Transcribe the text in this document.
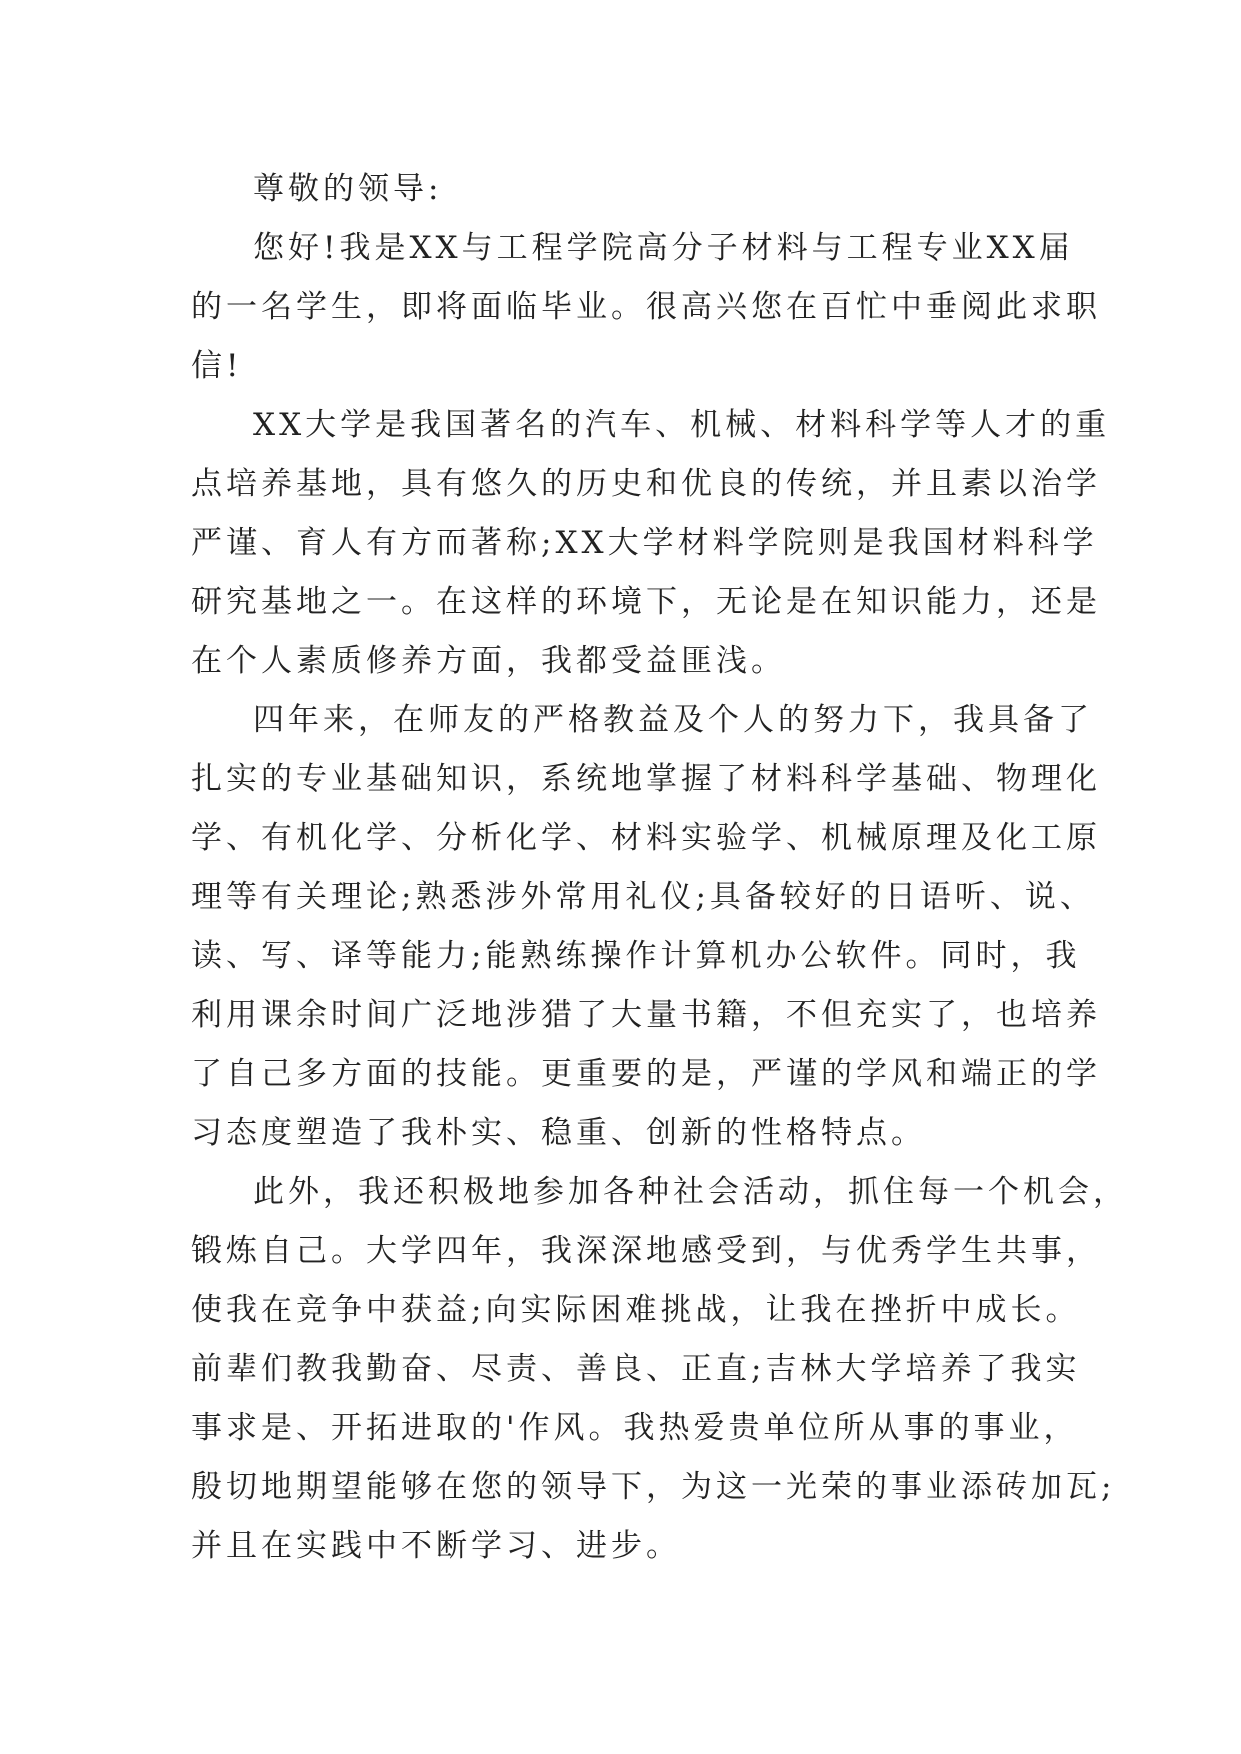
尊敬的领导:
您好!我是XX与工程学院高分子材料与工程专业XX届
的一名学生，即将面临毕业。很高兴您在百忙中垂阅此求职
信!
XX大学是我国著名的汽车、机械、材料科学等人才的重
点培养基地，具有悠久的历史和优良的传统，并且素以治学
严谨、育人有方而著称;XX大学材料学院则是我国材料科学
研究基地之一。在这样的环境下，无论是在知识能力，还是
在个人素质修养方面，我都受益匪浅。
四年来，在师友的严格教益及个人的努力下，我具备了
扎实的专业基础知识，系统地掌握了材料科学基础、物理化
学、有机化学、分析化学、材料实验学、机械原理及化工原
理等有关理论;熟悉涉外常用礼仪;具备较好的日语听、说、
读、写、译等能力;能熟练操作计算机办公软件。同时，我
利用课余时间广泛地涉猎了大量书籍，不但充实了，也培养
了自己多方面的技能。更重要的是，严谨的学风和端正的学
习态度塑造了我朴实、稳重、创新的性格特点。
此外，我还积极地参加各种社会活动，抓住每一个机会，
锻炼自己。大学四年，我深深地感受到，与优秀学生共事，
使我在竞争中获益;向实际困难挑战，让我在挫折中成长。
前辈们教我勤奋、尽责、善良、正直;吉林大学培养了我实
事求是、开拓进取的'作风。我热爱贵单位所从事的事业，
殷切地期望能够在您的领导下，为这一光荣的事业添砖加瓦;
并且在实践中不断学习、进步。
